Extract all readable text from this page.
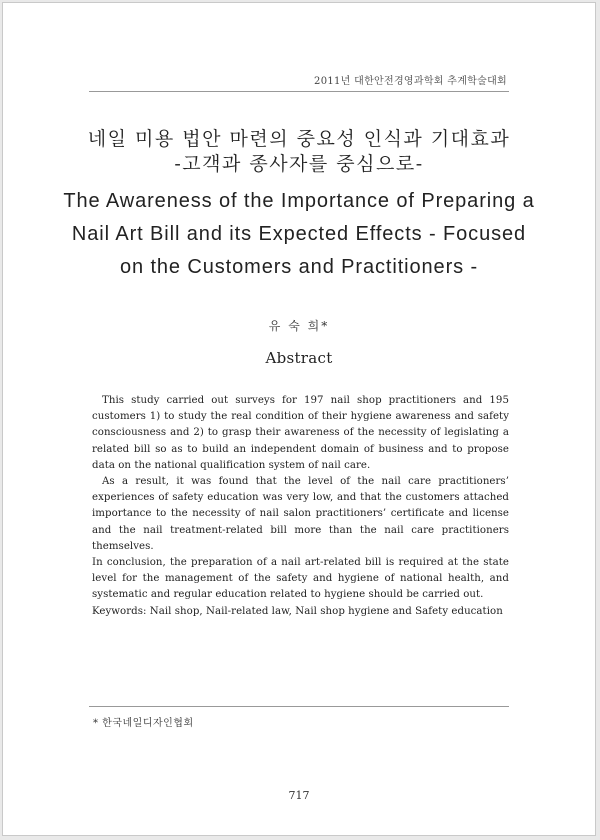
2011년 대한안전경영과학회 추계학술대회
네일 미용 법안 마련의 중요성 인식과 기대효과
-고객과 종사자를 중심으로-
The Awareness of the Importance of Preparing a Nail Art Bill and its Expected Effects - Focused on the Customers and Practitioners -
유 숙 희*
Abstract

This study carried out surveys for 197 nail shop practitioners and 195 customers 1) to study the real condition of their hygiene awareness and safety consciousness and 2) to grasp their awareness of the necessity of legislating a related bill so as to build an independent domain of business and to propose data on the national qualification system of nail care.

As a result, it was found that the level of the nail care practitioners’ experiences of safety education was very low, and that the customers attached importance to the necessity of nail salon practitioners’ certificate and license and the nail treatment-related bill more than the nail care practitioners themselves.

In conclusion, the preparation of a nail art-related bill is required at the state level for the management of the safety and hygiene of national health, and systematic and regular education related to hygiene should be carried out.

Keywords: Nail shop, Nail-related law, Nail shop hygiene and Safety education

* 한국네일디자인협회
717
